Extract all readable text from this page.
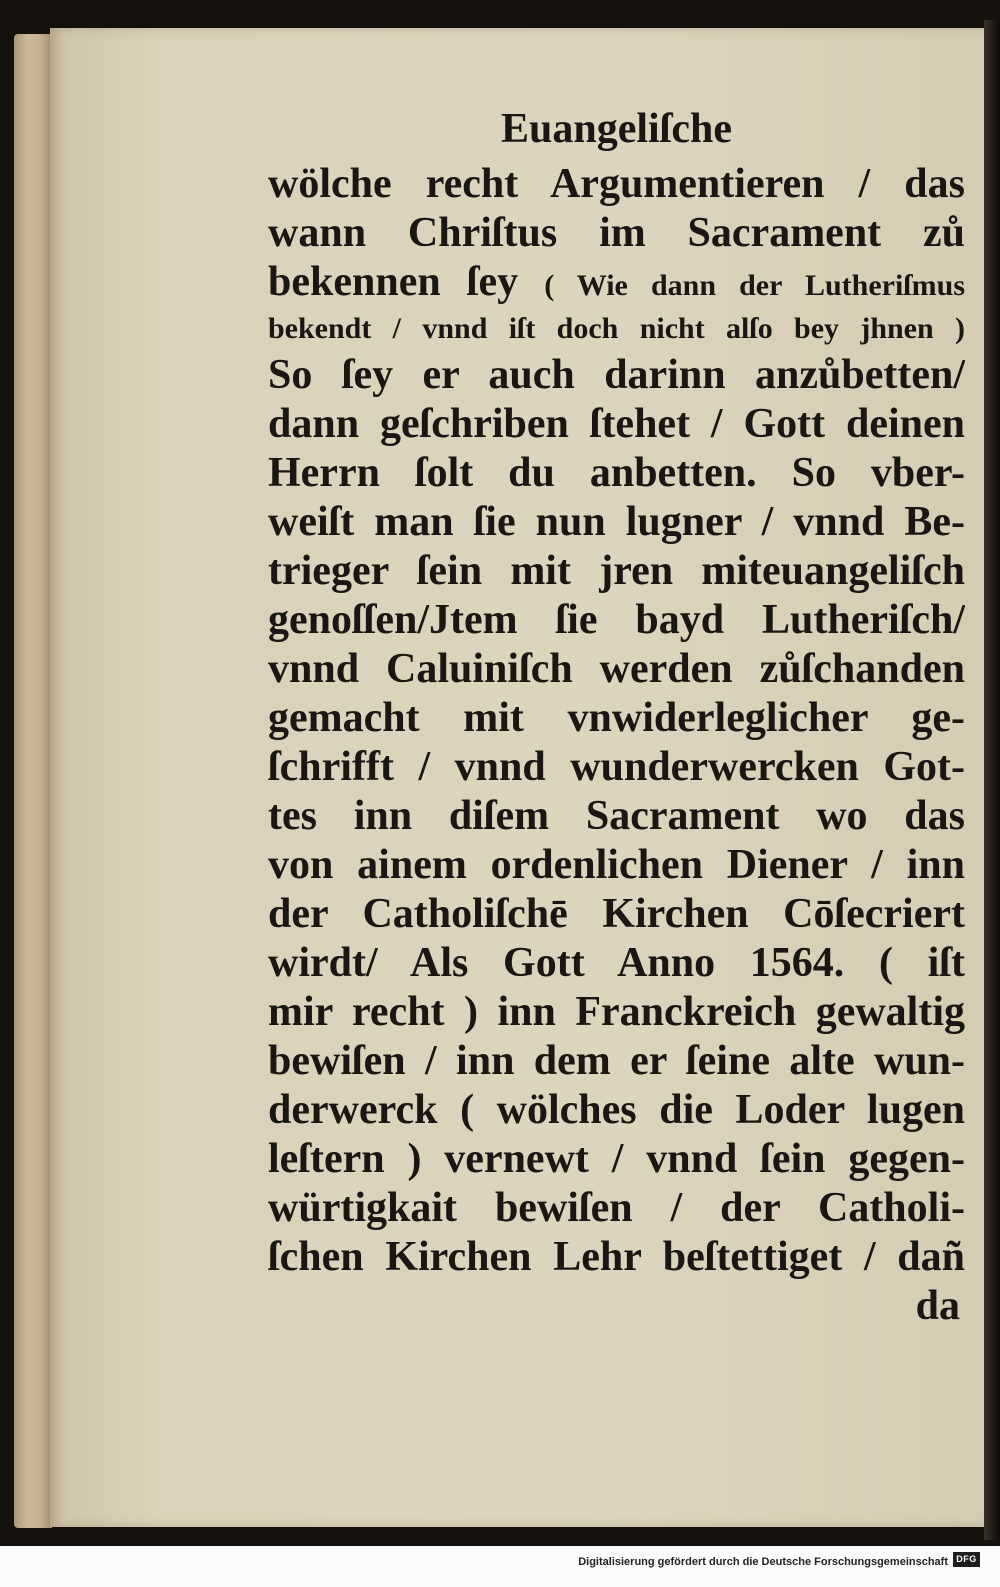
Euangeliſche
wölche recht Argumentieren / das
wann Chriſtus im Sacrament zů
bekennen ſey ( Wie dann der Lutheriſmus
bekendt / vnnd iſt doch nicht alſo bey jhnen )
So ſey er auch darinn anzůbetten/
dann geſchriben ſtehet / Gott deinen
Herrn ſolt du anbetten. So vber-
weiſt man ſie nun lugner / vnnd Be-
trieger ſein mit jren miteuangeliſch
genoſſen/Jtem ſie bayd Lutheriſch/
vnnd Caluiniſch werden zůſchanden
gemacht mit vnwiderleglicher ge-
ſchrifft / vnnd wunderwercken Got-
tes inn diſem Sacrament wo das
von ainem ordenlichen Diener / inn
der Catholiſchē Kirchen Cōſecriert
wirdt/ Als Gott Anno 1564. ( iſt
mir recht ) inn Franckreich gewaltig
bewiſen / inn dem er ſeine alte wun-
derwerck ( wölches die Loder lugen
leſtern ) vernewt / vnnd ſein gegen-
würtigkait bewiſen / der Catholi-
ſchen Kirchen Lehr beſtettiget / dañ
da
Digitalisierung gefördert durch die Deutsche Forschungsgemeinschaft DFG
